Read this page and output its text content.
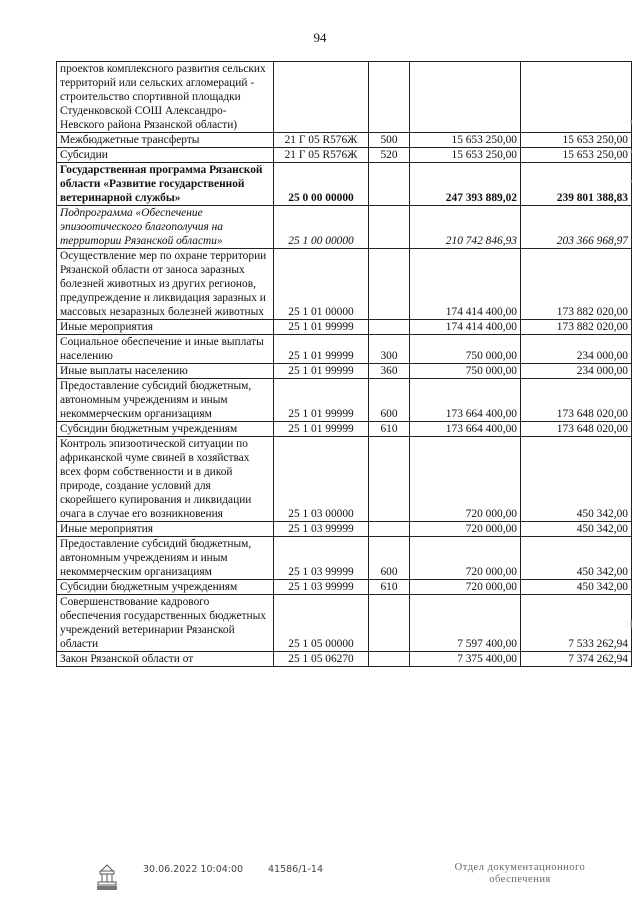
94
проектов комплексного развития сельских территорий или сельских агломераций - строительство спортивной площадки Студенковской СОШ Александро-Невского района Рязанской области)				
Межбюджетные трансферты	21 Г 05 R576Ж	500	15 653 250,00	15 653 250,00
Субсидии	21 Г 05 R576Ж	520	15 653 250,00	15 653 250,00
Государственная программа Рязанской области «Развитие государственной ветеринарной службы»	25 0 00 00000		247 393 889,02	239 801 388,83
Подпрограмма «Обеспечение эпизоотического благополучия на территории Рязанской области»	25 1 00 00000		210 742 846,93	203 366 968,97
Осуществление мер по охране территории Рязанской области от заноса заразных болезней животных из других регионов, предупреждение и ликвидация заразных и массовых незаразных болезней животных	25 1 01 00000		174 414 400,00	173 882 020,00
Иные мероприятия	25 1 01 99999		174 414 400,00	173 882 020,00
Социальное обеспечение и иные выплаты населению	25 1 01 99999	300	750 000,00	234 000,00
Иные выплаты населению	25 1 01 99999	360	750 000,00	234 000,00
Предоставление субсидий бюджетным, автономным учреждениям и иным некоммерческим организациям	25 1 01 99999	600	173 664 400,00	173 648 020,00
Субсидии бюджетным учреждениям	25 1 01 99999	610	173 664 400,00	173 648 020,00
Контроль эпизоотической ситуации по африканской чуме свиней в хозяйствах всех форм собственности и в дикой природе, создание условий для скорейшего купирования и ликвидации очага в случае его возникновения	25 1 03 00000		720 000,00	450 342,00
Иные мероприятия	25 1 03 99999		720 000,00	450 342,00
Предоставление субсидий бюджетным, автономным учреждениям и иным некоммерческим организациям	25 1 03 99999	600	720 000,00	450 342,00
Субсидии бюджетным учреждениям	25 1 03 99999	610	720 000,00	450 342,00
Совершенствование кадрового обеспечения государственных бюджетных учреждений ветеринарии Рязанской области	25 1 05 00000		7 597 400,00	7 533 262,94
Закон Рязанской области от	25 1 05 06270		7 375 400,00	7 374 262,94
30.06.2022 10:04:00	41586/1-14	Отдел документационного
обеспечения
